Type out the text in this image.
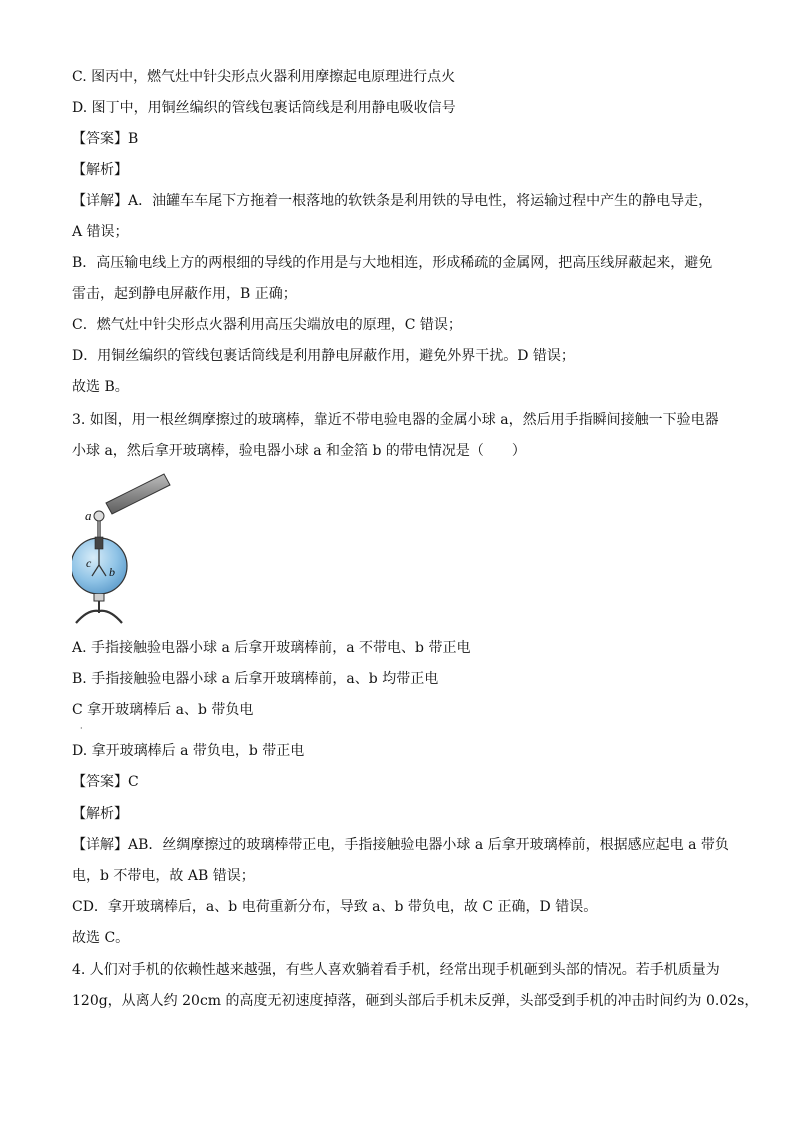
C. 图丙中，燃气灶中针尖形点火器利用摩擦起电原理进行点火
D. 图丁中，用铜丝编织的管线包裹话筒线是利用静电吸收信号
【答案】B
【解析】
【详解】A．油罐车车尾下方拖着一根落地的软铁条是利用铁的导电性，将运输过程中产生的静电导走，
A 错误；
B．高压输电线上方的两根细的导线的作用是与大地相连，形成稀疏的金属网，把高压线屏蔽起来，避免
雷击，起到静电屏蔽作用，B 正确；
C．燃气灶中针尖形点火器利用高压尖端放电的原理，C 错误；
D．用铜丝编织的管线包裹话筒线是利用静电屏蔽作用，避免外界干扰。D 错误；
故选 B。
3. 如图，用一根丝绸摩擦过的玻璃棒，靠近不带电验电器的金属小球 a，然后用手指瞬间接触一下验电器
小球 a，然后拿开玻璃棒，验电器小球 a 和金箔 b 的带电情况是（　　）
a
c
b
A. 手指接触验电器小球 a 后拿开玻璃棒前，a 不带电、b 带正电
B. 手指接触验电器小球 a 后拿开玻璃棒前，a、b 均带正电
C 拿开玻璃棒后 a、b 带负电
·
D. 拿开玻璃棒后 a 带负电，b 带正电
【答案】C
【解析】
【详解】AB．丝绸摩擦过的玻璃棒带正电，手指接触验电器小球 a 后拿开玻璃棒前，根据感应起电 a 带负
电，b 不带电，故 AB 错误；
CD．拿开玻璃棒后，a、b 电荷重新分布，导致 a、b 带负电，故 C 正确，D 错误。
故选 C。
4. 人们对手机的依赖性越来越强，有些人喜欢躺着看手机，经常出现手机砸到头部的情况。若手机质量为
120g，从离人约 20cm 的高度无初速度掉落，砸到头部后手机未反弹，头部受到手机的冲击时间约为 0.02s，
